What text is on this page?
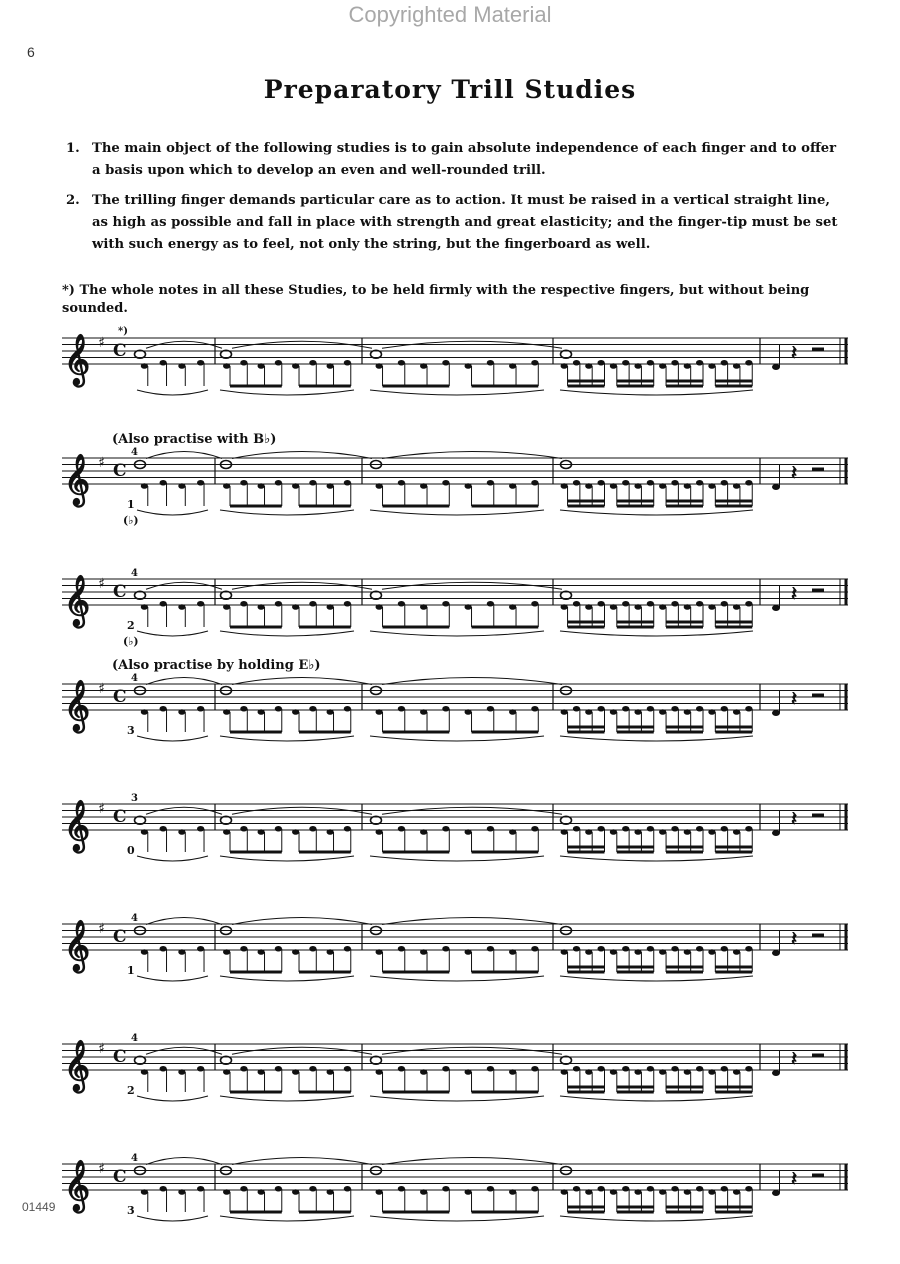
Copyrighted Material
6
Preparatory Trill Studies
1. The main object of the following studies is to gain absolute independence of each finger and to offer a basis upon which to develop an even and well-rounded trill.
2. The trilling finger demands particular care as to action. It must be raised in a vertical straight line, as high as possible and fall in place with strength and great elasticity; and the finger-tip must be set with such energy as to feel, not only the string, but the fingerboard as well.
*) The whole notes in all these Studies, to be held firmly with the respective fingers, but without being sounded.
𝄞 ♯ C	𝄽
*)
(Also practise with B♭)
𝄞 ♯ C	𝄽
4
1
(♭)
𝄞 ♯ C	𝄽
4
2
(♭)
(Also practise by holding E♭)
𝄞 ♯ C	𝄽
4
3
𝄞 ♯ C	𝄽
3
0
𝄞 ♯ C	𝄽
4
1
𝄞 ♯ C	𝄽
4
2
𝄞 ♯ C	𝄽
4
3
01449
